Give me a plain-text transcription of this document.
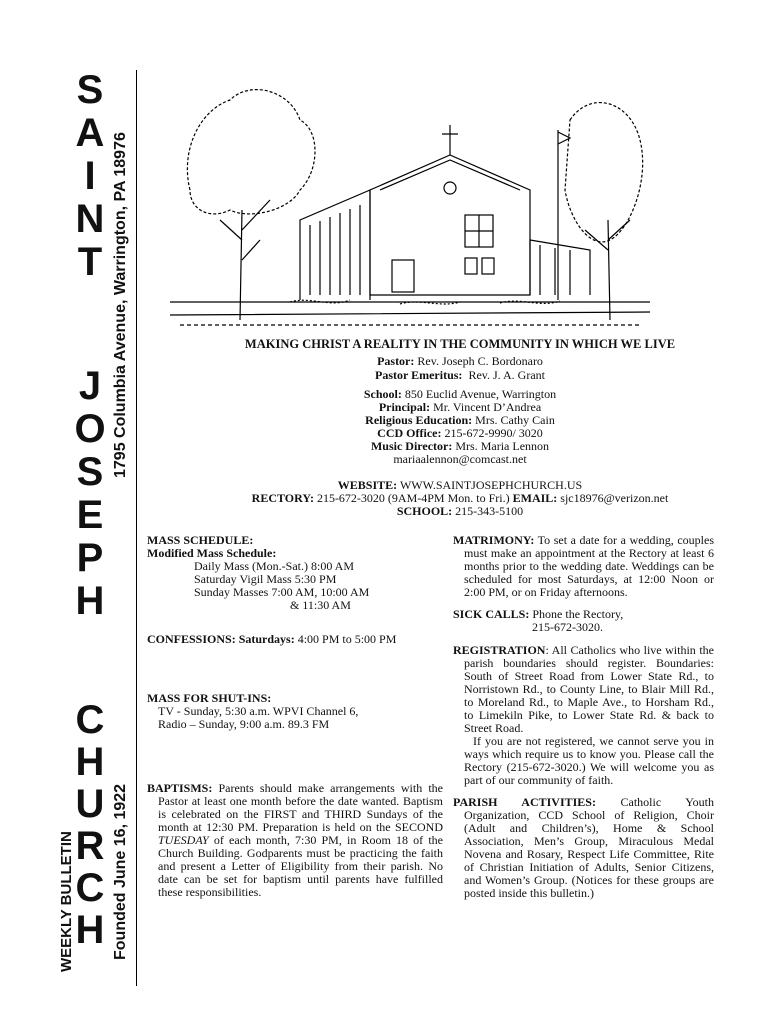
S
A
I
N
T
J
O
S
E
P
H
C
H
U
R
C
H
1795 Columbia Avenue, Warrington, PA 18976
Founded June 16, 1922
WEEKLY BULLETIN
MAKING CHRIST A REALITY IN THE COMMUNITY IN WHICH WE LIVE
Pastor: Rev. Joseph C. Bordonaro
Pastor Emeritus: Rev. J. A. Grant
School: 850 Euclid Avenue, Warrington
Principal: Mr. Vincent D’Andrea
Religious Education: Mrs. Cathy Cain
CCD Office: 215-672-9990/ 3020
Music Director: Mrs. Maria Lennon
mariaalennon@comcast.net
WEBSITE: WWW.SAINTJOSEPHCHURCH.US
RECTORY: 215-672-3020 (9AM-4PM Mon. to Fri.) EMAIL: sjc18976@verizon.net
SCHOOL: 215-343-5100
MASS SCHEDULE:
Modified Mass Schedule:
Daily Mass (Mon.-Sat.) 8:00 AM
Saturday Vigil Mass 5:30 PM
Sunday Masses 7:00 AM, 10:00 AM
& 11:30 AM
CONFESSIONS: Saturdays: 4:00 PM to 5:00 PM
MASS FOR SHUT-INS:
TV - Sunday, 5:30 a.m. WPVI Channel 6,
Radio – Sunday, 9:00 a.m. 89.3 FM
BAPTISMS: Parents should make arrangements with the Pastor at least one month before the date wanted. Baptism is celebrated on the FIRST and THIRD Sundays of the month at 12:30 PM. Preparation is held on the SECOND TUESDAY of each month, 7:30 PM, in Room 18 of the Church Building. Godparents must be practicing the faith and present a Letter of Eligibility from their parish. No date can be set for baptism until parents have fulfilled these responsibilities.
MATRIMONY: To set a date for a wedding, couples must make an appointment at the Rectory at least 6 months prior to the wedding date. Weddings can be scheduled for most Saturdays, at 12:00 Noon or 2:00 PM, or on Friday afternoons.
SICK CALLS: Phone the Rectory,
215-672-3020.
REGISTRATION: All Catholics who live within the parish boundaries should register. Boundaries: South of Street Road from Lower State Rd., to Norristown Rd., to County Line, to Blair Mill Rd., to Moreland Rd., to Maple Ave., to Horsham Rd., to Limekiln Pike, to Lower State Rd. & back to Street Road.
If you are not registered, we cannot serve you in ways which require us to know you. Please call the Rectory (215-672-3020.) We will welcome you as part of our community of faith.
PARISH ACTIVITIES: Catholic Youth Organization, CCD School of Religion, Choir (Adult and Children’s), Home & School Association, Men’s Group, Miraculous Medal Novena and Rosary, Respect Life Committee, Rite of Christian Initiation of Adults, Senior Citizens, and Women’s Group. (Notices for these groups are posted inside this bulletin.)
